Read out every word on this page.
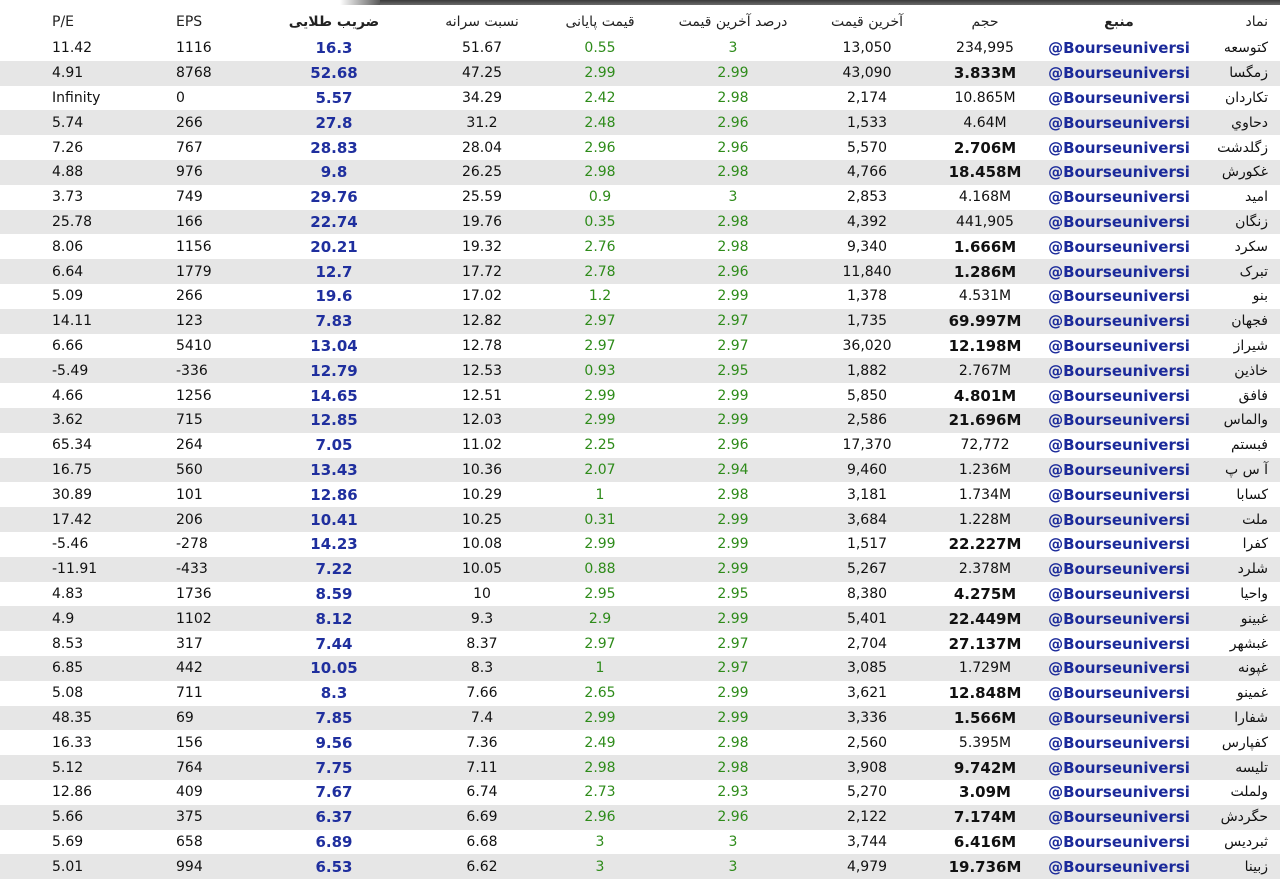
P/E	EPS	ضریب طلایی	نسبت سرانه	قیمت پایانی	درصد آخرین قیمت	آخرین قیمت	حجم	منبع	نماد
11.42	1116	16.3	51.67	0.55	3	13,050	234,995	@Bourseuniversi	کتوسعه
4.91	8768	52.68	47.25	2.99	2.99	43,090	3.833M	@Bourseuniversi	زمگسا
Infinity	0	5.57	34.29	2.42	2.98	2,174	10.865M	@Bourseuniversi	تکاردان
5.74	266	27.8	31.2	2.48	2.96	1,533	4.64M	@Bourseuniversi	دحاوي
7.26	767	28.83	28.04	2.96	2.96	5,570	2.706M	@Bourseuniversi	زگلدشت
4.88	976	9.8	26.25	2.98	2.98	4,766	18.458M	@Bourseuniversi	غکورش
3.73	749	29.76	25.59	0.9	3	2,853	4.168M	@Bourseuniversi	امید
25.78	166	22.74	19.76	0.35	2.98	4,392	441,905	@Bourseuniversi	زنگان
8.06	1156	20.21	19.32	2.76	2.98	9,340	1.666M	@Bourseuniversi	سکرد
6.64	1779	12.7	17.72	2.78	2.96	11,840	1.286M	@Bourseuniversi	تبرک
5.09	266	19.6	17.02	1.2	2.99	1,378	4.531M	@Bourseuniversi	بنو
14.11	123	7.83	12.82	2.97	2.97	1,735	69.997M	@Bourseuniversi	فجهان
6.66	5410	13.04	12.78	2.97	2.97	36,020	12.198M	@Bourseuniversi	شیراز
-5.49	-336	12.79	12.53	0.93	2.95	1,882	2.767M	@Bourseuniversi	خاذین
4.66	1256	14.65	12.51	2.99	2.99	5,850	4.801M	@Bourseuniversi	فافق
3.62	715	12.85	12.03	2.99	2.99	2,586	21.696M	@Bourseuniversi	والماس
65.34	264	7.05	11.02	2.25	2.96	17,370	72,772	@Bourseuniversi	فبستم
16.75	560	13.43	10.36	2.07	2.94	9,460	1.236M	@Bourseuniversi	آ س پ
30.89	101	12.86	10.29	1	2.98	3,181	1.734M	@Bourseuniversi	کسابا
17.42	206	10.41	10.25	0.31	2.99	3,684	1.228M	@Bourseuniversi	ملت
-5.46	-278	14.23	10.08	2.99	2.99	1,517	22.227M	@Bourseuniversi	کفرا
-11.91	-433	7.22	10.05	0.88	2.99	5,267	2.378M	@Bourseuniversi	شلرد
4.83	1736	8.59	10	2.95	2.95	8,380	4.275M	@Bourseuniversi	واحیا
4.9	1102	8.12	9.3	2.9	2.99	5,401	22.449M	@Bourseuniversi	غبینو
8.53	317	7.44	8.37	2.97	2.97	2,704	27.137M	@Bourseuniversi	غبشهر
6.85	442	10.05	8.3	1	2.97	3,085	1.729M	@Bourseuniversi	غپونه
5.08	711	8.3	7.66	2.65	2.99	3,621	12.848M	@Bourseuniversi	غمینو
48.35	69	7.85	7.4	2.99	2.99	3,336	1.566M	@Bourseuniversi	شفارا
16.33	156	9.56	7.36	2.49	2.98	2,560	5.395M	@Bourseuniversi	کفپارس
5.12	764	7.75	7.11	2.98	2.98	3,908	9.742M	@Bourseuniversi	تلیسه
12.86	409	7.67	6.74	2.73	2.93	5,270	3.09M	@Bourseuniversi	ولملت
5.66	375	6.37	6.69	2.96	2.96	2,122	7.174M	@Bourseuniversi	حگردش
5.69	658	6.89	6.68	3	3	3,744	6.416M	@Bourseuniversi	ثبردیس
5.01	994	6.53	6.62	3	3	4,979	19.736M	@Bourseuniversi	زبینا
